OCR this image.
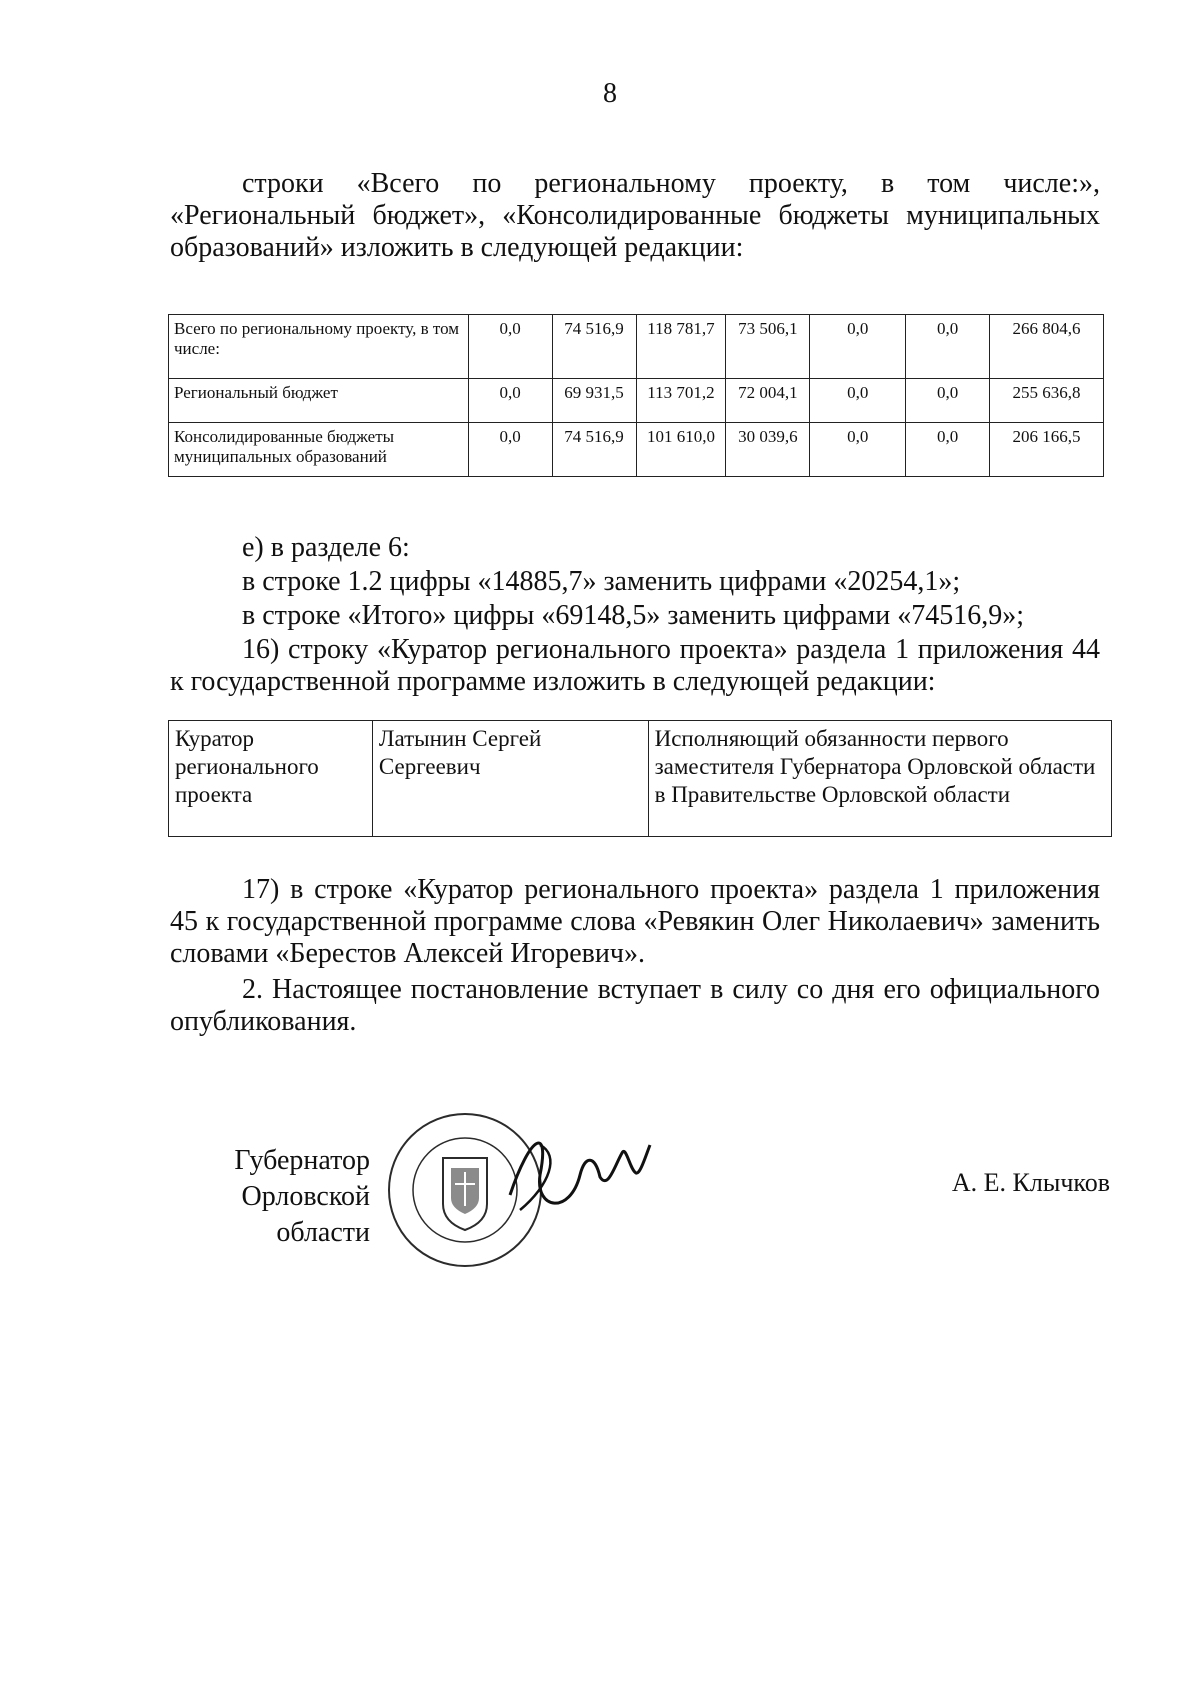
8
строки «Всего по региональному проекту, в том числе:», «Региональный бюджет», «Консолидированные бюджеты муниципальных образований» изложить в следующей редакции:
Всего по региональному проекту, в том числе:	0,0	74 516,9	118 781,7	73 506,1	0,0	0,0	266 804,6
Региональный бюджет	0,0	69 931,5	113 701,2	72 004,1	0,0	0,0	255 636,8
Консолидированные бюджеты муниципальных образований	0,0	74 516,9	101 610,0	30 039,6	0,0	0,0	206 166,5
е) в разделе 6:
в строке 1.2 цифры «14885,7» заменить цифрами «20254,1»;
в строке «Итого» цифры «69148,5» заменить цифрами «74516,9»;
16) строку «Куратор регионального проекта» раздела 1 приложения 44 к государственной программе изложить в следующей редакции:
Куратор регионального проекта	Латынин Сергей Сергеевич	Исполняющий обязанности первого заместителя Губернатора Орловской области в Правительстве Орловской области
17) в строке «Куратор регионального проекта» раздела 1 приложения 45 к государственной программе слова «Ревякин Олег Николаевич» заменить словами «Берестов Алексей Игоревич».
2. Настоящее постановление вступает в силу со дня его официального опубликования.
Губернатор
Орловской области
А. Е. Клычков
